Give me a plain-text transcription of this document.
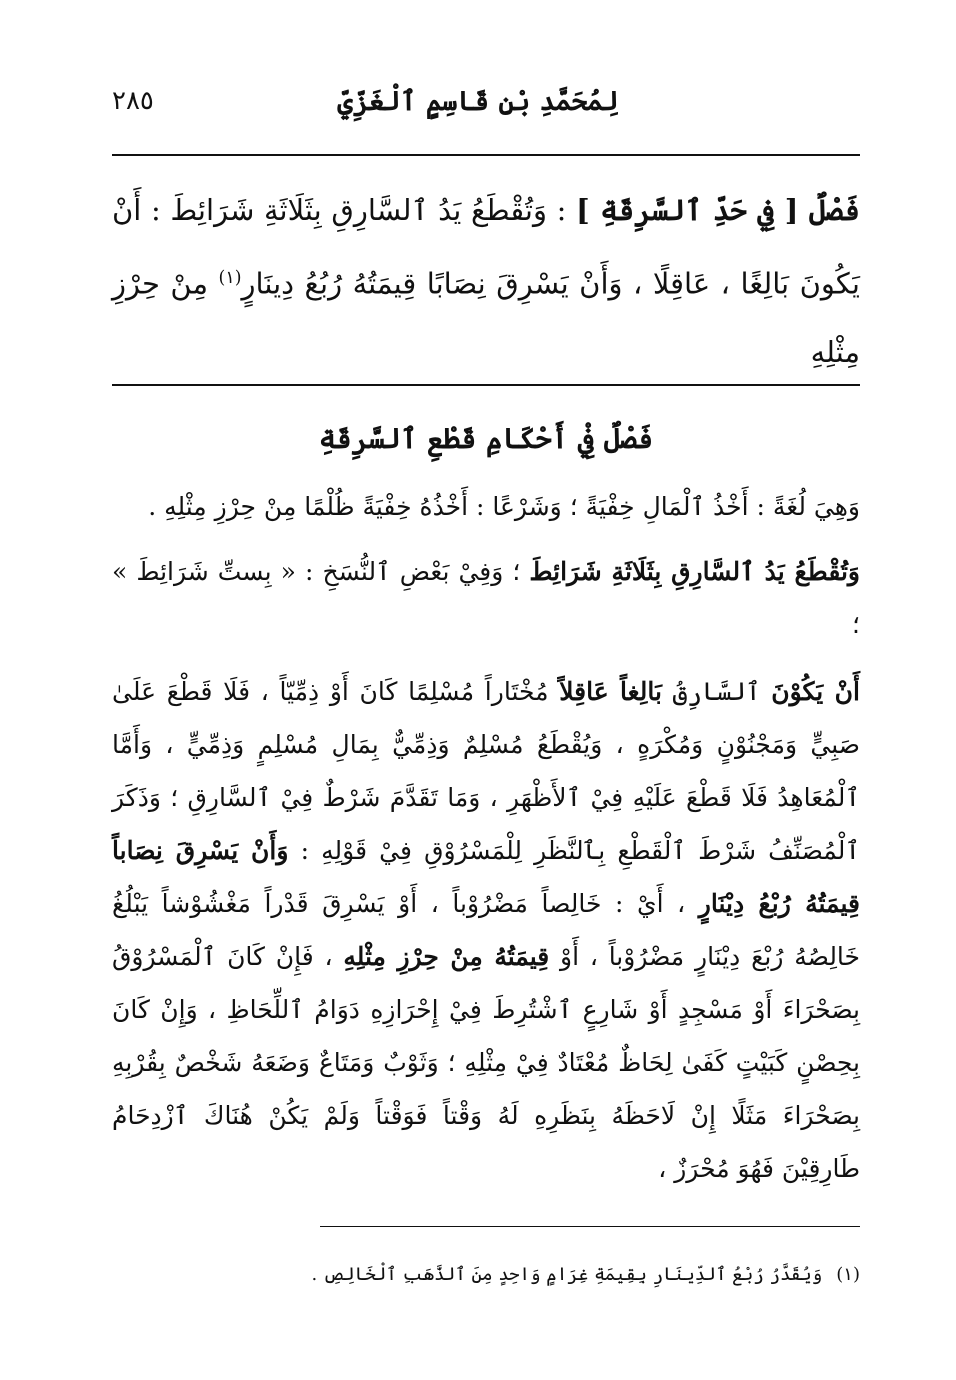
لِمُحَمَّدِ بْنِ قَاسِمٍ ٱلْغَزِّيِّ
٢٨٥
فَصْلٌ [ فِي حَدِّ ٱلسَّرِقَةِ ] : وَتُقْطَعُ يَدُ ٱلسَّارِقِ بِثَلَاثَةِ شَرَائِطَ : أَنْ يَكُونَ بَالِغًا ، عَاقِلًا ، وَأَنْ يَسْرِقَ نِصَابًا قِيمَتُهُ رُبُعُ دِينَارٍ$^{(١)}$ مِنْ حِرْزِ مِثْلِهِ
فَصْلٌ فِيْ أَحْكَامِ قَطْعِ ٱلسَّرِقَةِ

وَهِيَ لُغَةً : أَخْذُ ٱلْمَالِ خِفْيَةً ؛ وَشَرْعًا : أَخْذُهُ خِفْيَةً ظُلْمًا مِنْ حِرْزِ مِثْلِهِ .

وَتُقْطَعُ يَدُ ٱلسَّارِقِ بِثَلَاثَةِ شَرَائِطَ ؛ وَفِيْ بَعْضِ ٱلنُّسَخِ : « بِستِّ شَرَائِطَ » ؛

أَنْ يَكُوْنَ ٱلسَّارِقُ بَالِغاً عَاقِلاً مُخْتَاراً مُسْلِمًا كَانَ أَوْ ذِمِّيّاً ، فَلَا قَطْعَ عَلَىٰ صَبِيٍّ وَمَجْنُوْنٍ وَمُكْرَهٍ ، وَيُقْطَعُ مُسْلِمٌ وَذِمِّيٌّ بِمَالِ مُسْلِمٍ وَذِمِّيٍّ ، وَأَمَّا ٱلْمُعَاهِدُ فَلَا قَطْعَ عَلَيْهِ فِيْ ٱلأَظْهَرِ ، وَمَا تَقَدَّمَ شَرْطٌ فِيْ ٱلسَّارِقِ ؛ وَذَكَرَ ٱلْمُصَنِّفُ شَرْطَ ٱلْقَطْعِ بِٱلنَّظَرِ لِلْمَسْرُوْقِ فِيْ قَوْلِهِ : وَأَنْ يَسْرِقَ نِصَاباً قِيمَتُهُ رُبْعُ دِيْنَارٍ ، أَيْ : خَالِصاً مَضْرُوْباً ، أَوْ يَسْرِقَ قَدْراً مَغْشُوْشاً يَبْلُغُ خَالِصُهُ رُبْعَ دِيْنَارٍ مَضْرُوْباً ، أَوْ قِيمَتُهُ مِنْ حِرْزِ مِثْلِهِ ، فَإِنْ كَانَ ٱلْمَسْرُوْقُ بِصَحْرَاءَ أَوْ مَسْجِدٍ أَوْ شَارِعٍ ٱشْتُرِطَ فِيْ إِحْرَازِهِ دَوَامُ ٱللِّحَاظِ ، وَإِنْ كَانَ بِحِصْنٍ كَبَيْتٍ كَفَىٰ لِحَاظٌ مُعْتَادٌ فِيْ مِثْلِهِ ؛ وَثَوْبٌ وَمَتَاعٌ وَضَعَهُ شَخْصٌ بِقُرْبِهِ بِصَحْرَاءَ مَثَلًا إِنْ لَاحَظَهُ بِنَظَرِهِ لَهُ وَقْتاً فَوَقْتاً وَلَمْ يَكُنْ هُنَاكَ ٱزْدِحَامُ طَارِقِيْنَ فَهُوَ مُحْرَزٌ ،

(١)وَيُقَدَّرُ رُبْعُ ٱلدِّينَارِ بِقِيمَةِ غِرَامٍ وَاحِدٍ مِنَ ٱلذَّهَبِ ٱلْخَالِصِ .
